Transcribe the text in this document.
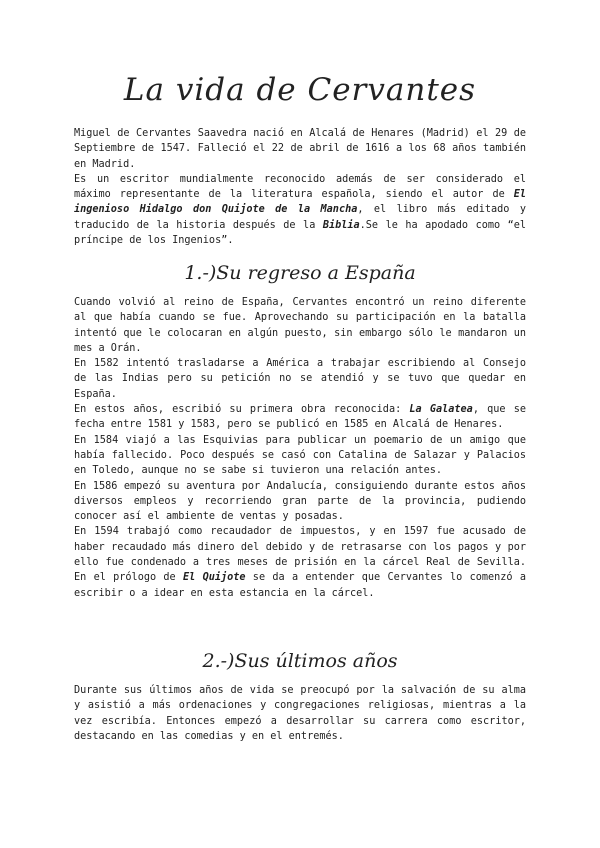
La vida de Cervantes

Miguel de Cervantes Saavedra nació en Alcalá de Henares (Madrid) el 29 de Septiembre de 1547. Falleció el 22 de abril de 1616 a los 68 años también en Madrid.

Es un escritor mundialmente reconocido además de ser considerado el máximo representante de la literatura española, siendo el autor de El ingenioso Hidalgo don Quijote de la Mancha, el libro más editado y traducido de la historia después de la Biblia.Se le ha apodado como “el príncipe de los Ingenios”.

1.-)Su regreso a España

Cuando volvió al reino de España, Cervantes encontró un reino diferente al que había cuando se fue. Aprovechando su participación en la batalla intentó que le colocaran en algún puesto, sin embargo sólo le mandaron un mes a Orán.

En 1582 intentó trasladarse a América a trabajar escribiendo al Consejo de las Indias pero su petición no se atendió y se tuvo que quedar en España.

En estos años, escribió su primera obra reconocida: La Galatea, que se fecha entre 1581 y 1583, pero se publicó en 1585 en Alcalá de Henares.

En 1584 viajó a las Esquivias para publicar un poemario de un amigo que había fallecido. Poco después se casó con Catalina de Salazar y Palacios en Toledo, aunque no se sabe si tuvieron una relación antes.

En 1586 empezó su aventura por Andalucía, consiguiendo durante estos años diversos empleos y recorriendo gran parte de la provincia, pudiendo conocer así el ambiente de ventas y posadas.

En 1594 trabajó como recaudador de impuestos, y en 1597 fue acusado de haber recaudado más dinero del debido y de retrasarse con los pagos y por ello fue condenado a tres meses de prisión en la cárcel Real de Sevilla. En el prólogo de El Quijote se da a entender que Cervantes lo comenzó a escribir o a idear en esta estancia en la cárcel.

2.-)Sus últimos años

Durante sus últimos años de vida se preocupó por la salvación de su alma y asistió a más ordenaciones y congregaciones religiosas, mientras a la vez escribía. Entonces empezó a desarrollar su carrera como escritor, destacando en las comedias y en el entremés.
